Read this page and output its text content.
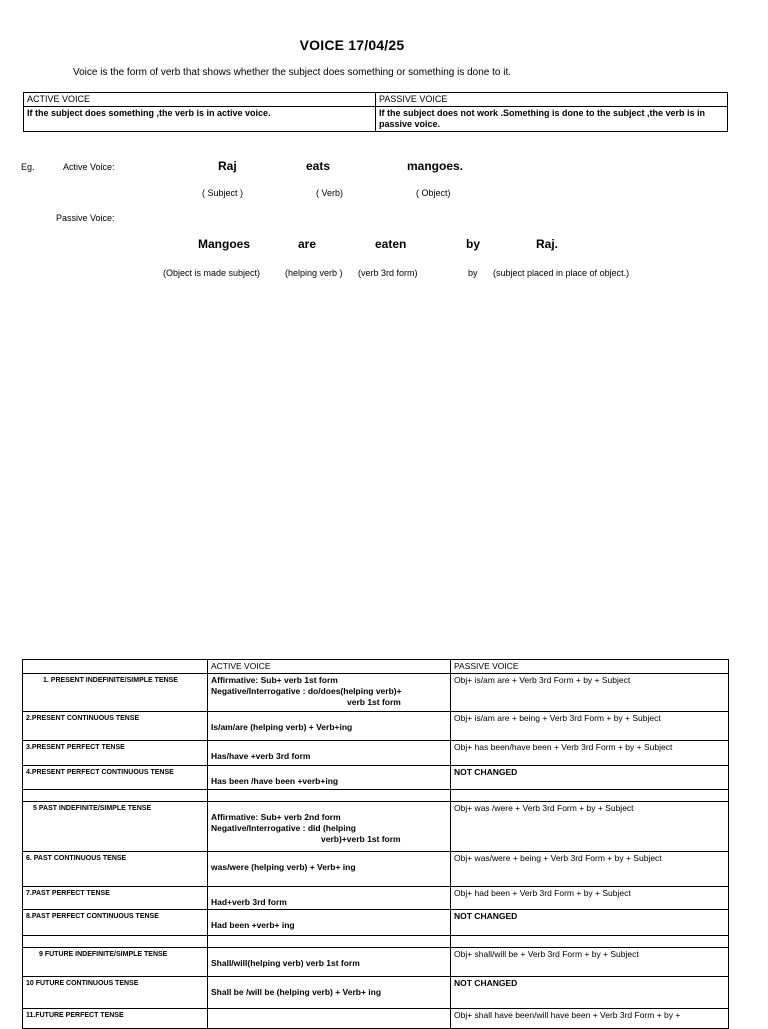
VOICE 17/04/25
Voice is the form of verb that shows whether the subject does something or something is done to it.
ACTIVE VOICE	PASSIVE VOICE
If the subject does something ,the verb is in active voice.	If the subject does not work .Something is done to the subject ,the verb is in passive voice.
Eg.	Active Voice:	Raj	eats	mangoes.
( Subject )	( Verb)	( Object)
Passive Voice:
Mangoes	are	eaten	by	Raj.
(Object is made subject)	(helping verb ) (verb 3rd form)	by (subject placed in place of object.)
	ACTIVE VOICE	PASSIVE VOICE
1. PRESENT INDEFINITE/SIMPLE TENSE	Affirmative: Sub+ verb 1st form
Negative/Interrogative : do/does(helping verb)+
verb 1st form	Obj+ is/am are + Verb 3rd Form + by + Subject
2.PRESENT CONTINUOUS TENSE	Is/am/are (helping verb) + Verb+ing	Obj+ is/am are + being + Verb 3rd Form + by + Subject
3.PRESENT PERFECT TENSE	Has/have +verb 3rd form	Obj+ has been/have been + Verb 3rd Form + by + Subject
4.PRESENT PERFECT CONTINUOUS TENSE	Has been /have been +verb+ing	NOT CHANGED

5 PAST INDEFINITE/SIMPLE TENSE	Affirmative: Sub+ verb 2nd form
Negative/Interrogative : did (helping
verb)+verb 1st form	Obj+ was /were + Verb 3rd Form + by + Subject
6. PAST CONTINUOUS TENSE	was/were (helping verb) + Verb+ ing	Obj+ was/were + being + Verb 3rd Form + by + Subject
7.PAST PERFECT TENSE	Had+verb 3rd form	Obj+ had been + Verb 3rd Form + by + Subject
8.PAST PERFECT CONTINUOUS TENSE	Had been +verb+ ing	NOT CHANGED

9 FUTURE INDEFINITE/SIMPLE TENSE	Shall/will(helping verb) verb 1st form	Obj+ shall/will be + Verb 3rd Form + by + Subject
10 FUTURE CONTINUOUS TENSE	Shall be /will be (helping verb) + Verb+ ing	NOT CHANGED
11.FUTURE PERFECT TENSE		Obj+ shall have been/will have been + Verb 3rd Form + by +
